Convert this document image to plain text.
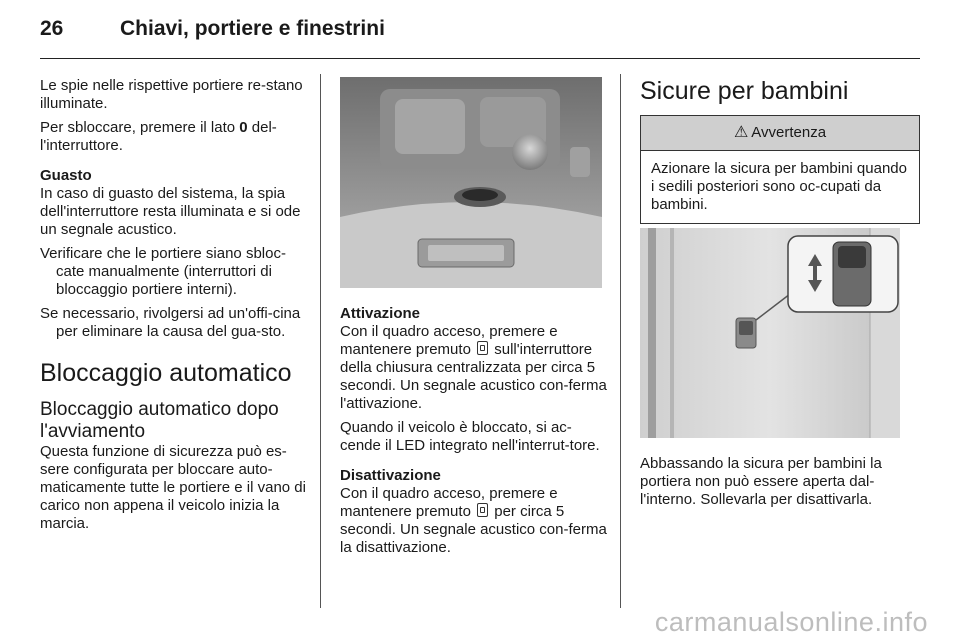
26	Chiavi, portiere e finestrini

Le spie nelle rispettive portiere re-stano illuminate.

Per sbloccare, premere il lato 0 del-l'interruttore.

Guasto

In caso di guasto del sistema, la spia dell'interruttore resta illuminata e si ode un segnale acustico.

Verificare che le portiere siano sbloc-cate manualmente (interruttori di bloccaggio portiere interni).

Se necessario, rivolgersi ad un'offi-cina per eliminare la causa del gua-sto.

Bloccaggio automatico
Bloccaggio automatico dopo l'avviamento

Questa funzione di sicurezza può es-sere configurata per bloccare auto-maticamente tutte le portiere e il vano di carico non appena il veicolo inizia la marcia.

Attivazione

Con il quadro acceso, premere e mantenere premuto  sull'interruttore della chiusura centralizzata per circa 5 secondi. Un segnale acustico con-ferma l'attivazione.

Quando il veicolo è bloccato, si ac-cende il LED integrato nell'interrut-tore.

Disattivazione

Con il quadro acceso, premere e mantenere premuto  per circa 5 secondi. Un segnale acustico con-ferma la disattivazione.

Sicure per bambini
⚠ Avvertenza
Azionare la sicura per bambini quando i sedili posteriori sono oc-cupati da bambini.
Abbassando la sicura per bambini la portiera non può essere aperta dal-l'interno. Sollevarla per disattivarla.
carmanualsonline.info
